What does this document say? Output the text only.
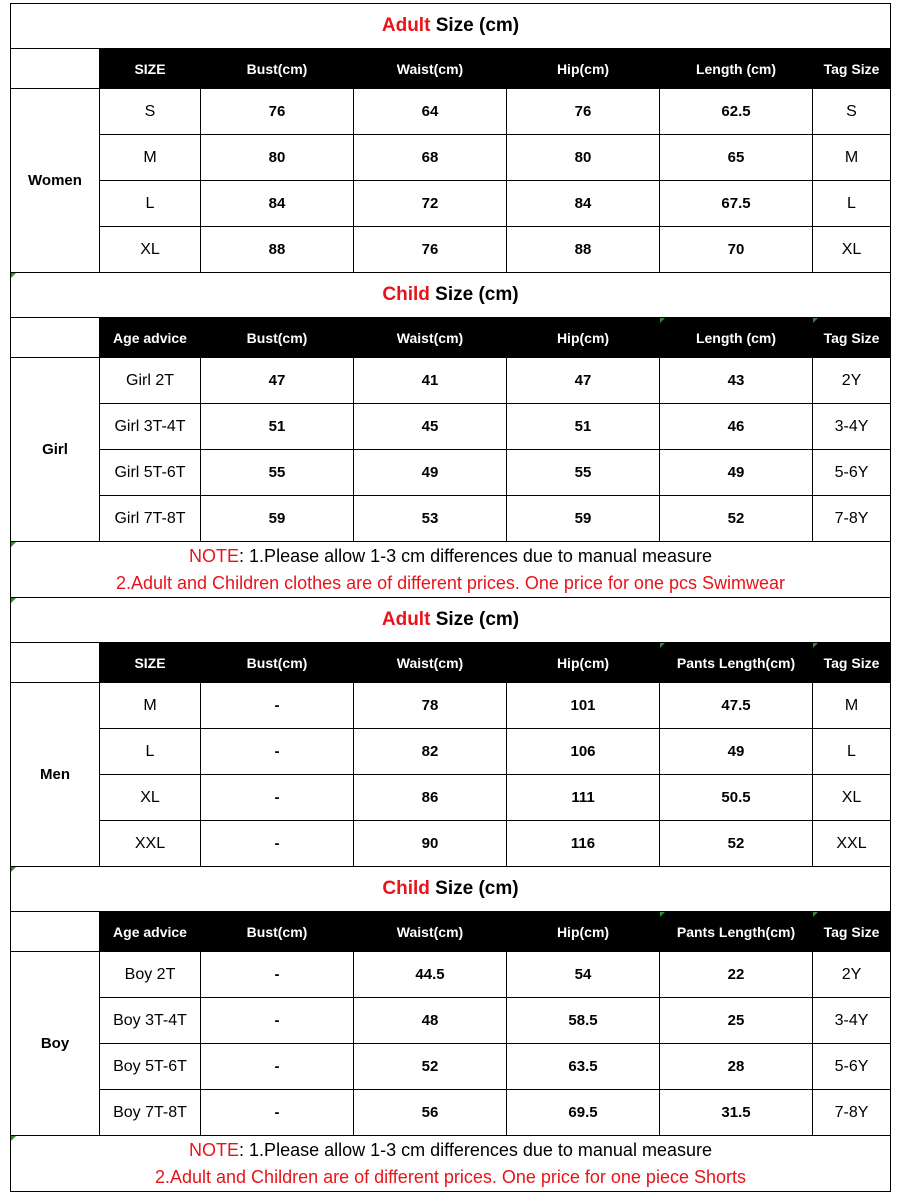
Adult Size (cm)						
	SIZE	Bust(cm)	Waist(cm)	Hip(cm)	Length (cm)	Tag Size
Women	S	76	64	76	62.5	S
	M	80	68	80	65	M
	L	84	72	84	67.5	L
	XL	88	76	88	70	XL
Child Size (cm)						
	Age advice	Bust(cm)	Waist(cm)	Hip(cm)	Length (cm)	Tag Size
Girl	Girl 2T	47	41	47	43	2Y
	Girl 3T-4T	51	45	51	46	3-4Y
	Girl 5T-6T	55	49	55	49	5-6Y
	Girl 7T-8T	59	53	59	52	7-8Y

NOTE: 1.Please allow 1-3 cm differences due to manual measure
2.Adult and Children clothes are of different prices. One price for one pcs Swimwear						

Adult Size (cm)						
	SIZE	Bust(cm)	Waist(cm)	Hip(cm)	Pants Length(cm)	Tag Size
Men	M	-	78	101	47.5	M
	L	-	82	106	49	L
	XL	-	86	111	50.5	XL
	XXL	-	90	116	52	XXL
Child Size (cm)						
	Age advice	Bust(cm)	Waist(cm)	Hip(cm)	Pants Length(cm)	Tag Size
Boy	Boy 2T	-	44.5	54	22	2Y
	Boy 3T-4T	-	48	58.5	25	3-4Y
	Boy 5T-6T	-	52	63.5	28	5-6Y
	Boy 7T-8T	-	56	69.5	31.5	7-8Y

NOTE: 1.Please allow 1-3 cm differences due to manual measure
2.Adult and Children are of different prices. One price for one piece Shorts						
